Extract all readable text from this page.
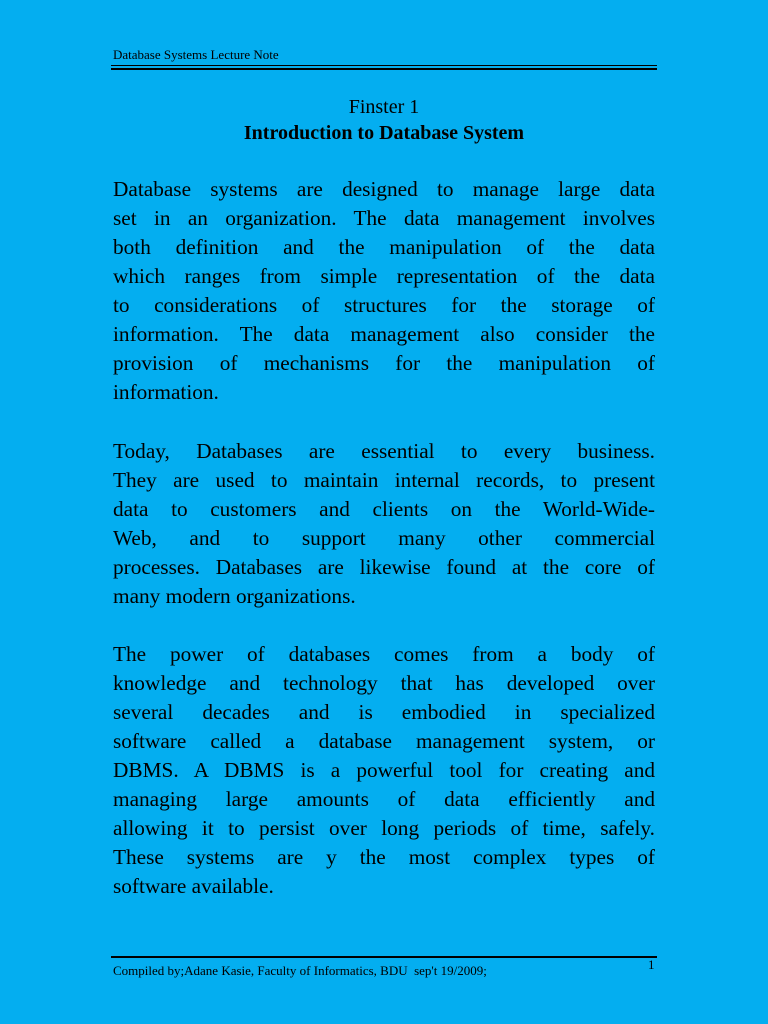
Database Systems Lecture Note
Finster 1
Introduction to Database System
Database systems are designed to manage large data
set in an organization. The data management involves
both definition and the manipulation of the data
which ranges from simple representation of the data
to considerations of structures for the storage of
information. The data management also consider the
provision of mechanisms for the manipulation of
information.
Today, Databases are essential to every business.
They are used to maintain internal records, to present
data to customers and clients on the World-Wide-
Web, and to support many other commercial
processes. Databases are likewise found at the core of
many modern organizations.
The power of databases comes from a body of
knowledge and technology that has developed over
several decades and is embodied in specialized
software called a database management system, or
DBMS. A DBMS is a powerful tool for creating and
managing large amounts of data efficiently and
allowing it to persist over long periods of time, safely.
These systems are y the most complex types of
software available.
Compiled by;Adane Kasie, Faculty of Informatics, BDU  sep't 19/2009;	1
